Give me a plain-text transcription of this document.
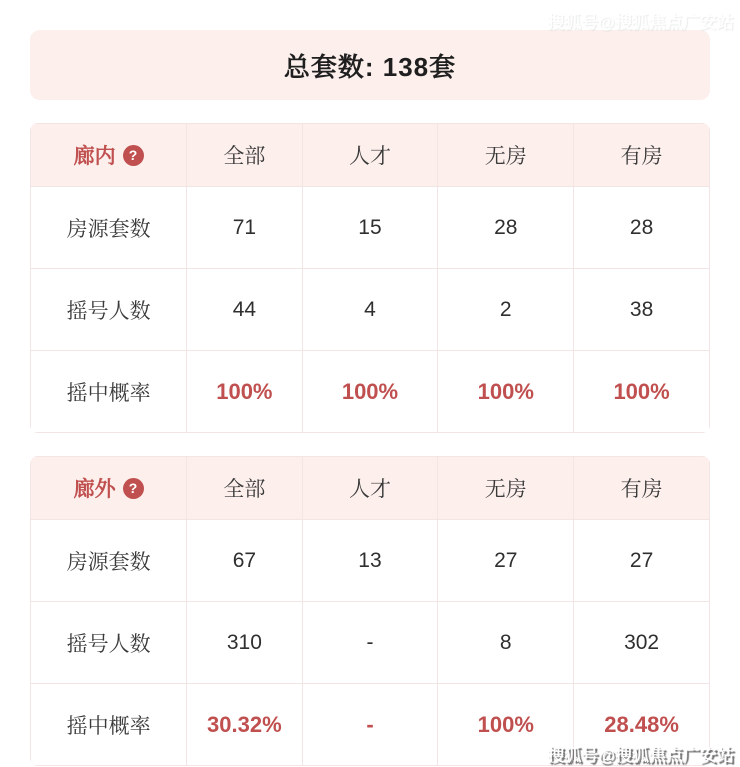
总套数: 138套
廊内 ?	全部	人才	无房	有房
房源套数	71	15	28	28
摇号人数	44	4	2	38
摇中概率	100%	100%	100%	100%
廊外 ?	全部	人才	无房	有房
房源套数	67	13	27	27
摇号人数	310	-	8	302
摇中概率	30.32%	-	100%	28.48%
搜狐号@搜狐焦点广安站
搜狐号@搜狐焦点广安站
